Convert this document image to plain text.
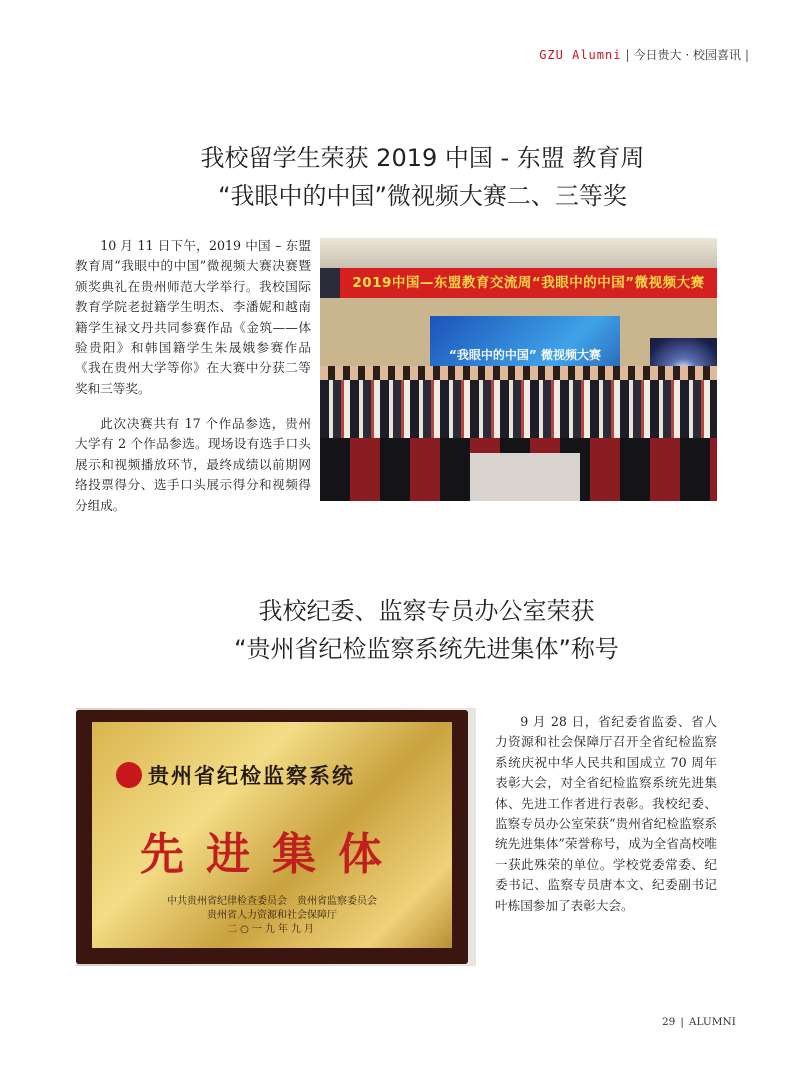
GZU Alumni | 今日贵大 · 校园喜讯 |
我校留学生荣获 2019 中国 - 东盟 教育周
“我眼中的中国”微视频大赛二、三等奖

10 月 11 日下午，2019 中国 – 东盟教育周“我眼中的中国”微视频大赛决赛暨颁奖典礼在贵州师范大学举行。我校国际教育学院老挝籍学生明杰、李潘妮和越南籍学生禄文丹共同参赛作品《金筑——体验贵阳》和韩国籍学生朱晟娥参赛作品《我在贵州大学等你》在大赛中分获二等奖和三等奖。

此次决赛共有 17 个作品参选，贵州大学有 2 个作品参选。现场设有选手口头展示和视频播放环节，最终成绩以前期网络投票得分、选手口头展示得分和视频得分组成。

2019中国—东盟教育交流周“我眼中的中国”微视频大赛
“我眼中的中国” 微视频大赛
我校纪委、监察专员办公室荣获
“贵州省纪检监察系统先进集体”称号
贵州省纪检监察系统
先进集体
中共贵州省纪律检查委员会　贵州省监察委员会
贵州省人力资源和社会保障厅
二○一九年九月

9 月 28 日，省纪委省监委、省人力资源和社会保障厅召开全省纪检监察系统庆祝中华人民共和国成立 70 周年表彰大会，对全省纪检监察系统先进集体、先进工作者进行表彰。我校纪委、监察专员办公室荣获“贵州省纪检监察系统先进集体”荣誉称号，成为全省高校唯一获此殊荣的单位。学校党委常委、纪委书记、监察专员唐本文、纪委副书记叶栋国参加了表彰大会。

29 | ALUMNI
